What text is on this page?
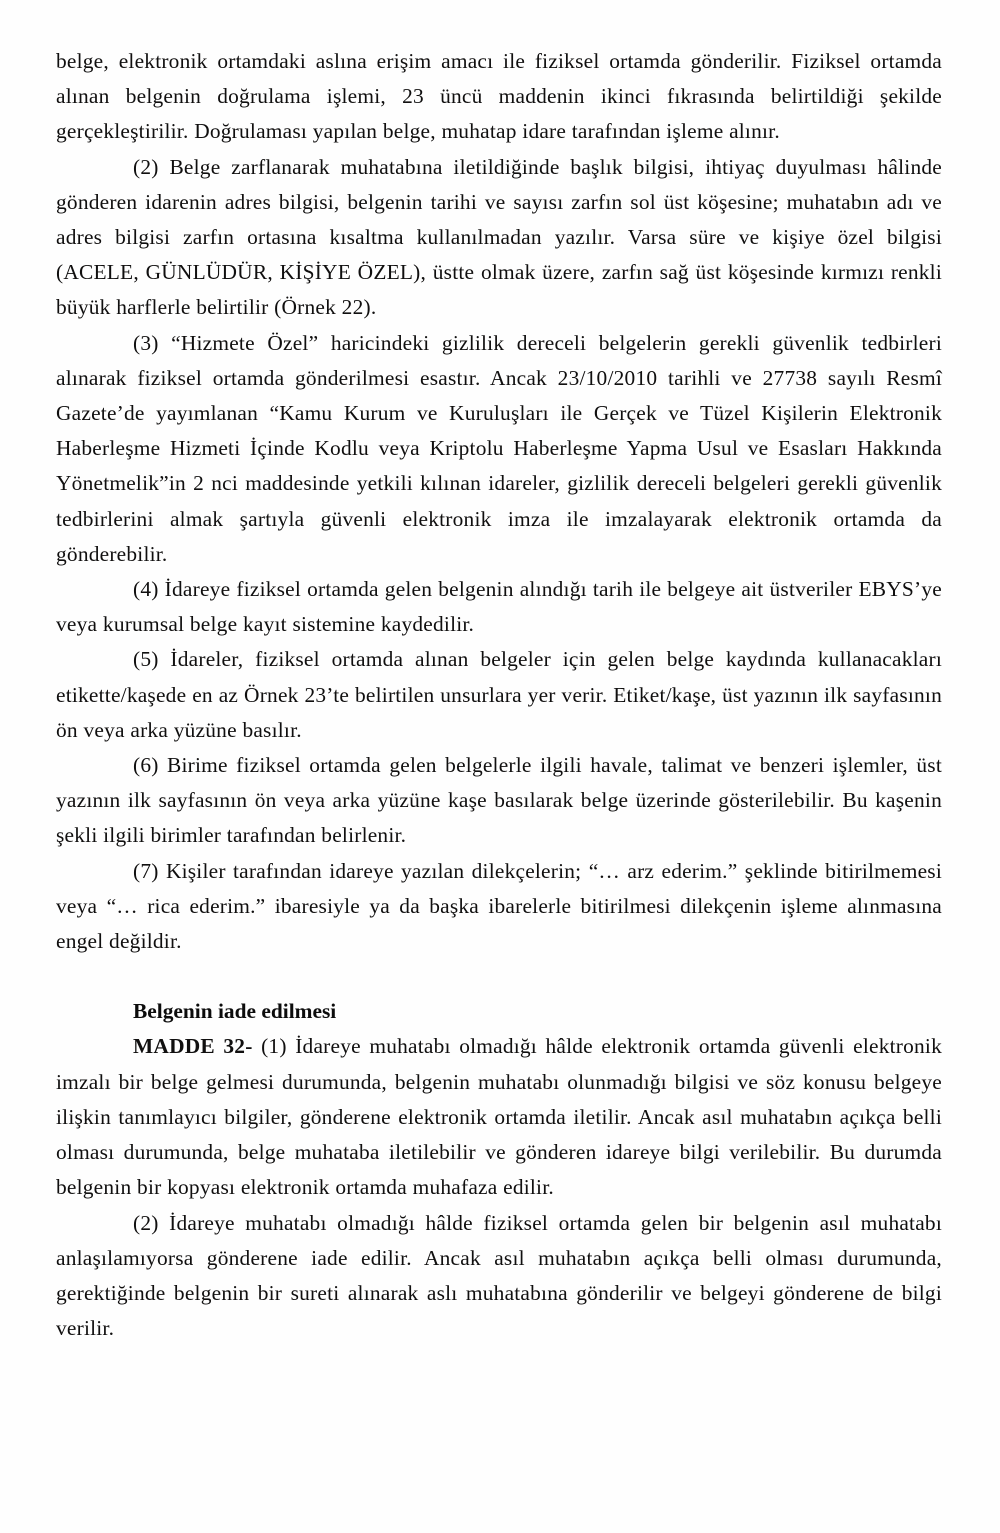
belge, elektronik ortamdaki aslına erişim amacı ile fiziksel ortamda gönderilir. Fiziksel ortamda alınan belgenin doğrulama işlemi, 23 üncü maddenin ikinci fıkrasında belirtildiği şekilde gerçekleştirilir. Doğrulaması yapılan belge, muhatap idare tarafından işleme alınır.

(2) Belge zarflanarak muhatabına iletildiğinde başlık bilgisi, ihtiyaç duyulması hâlinde gönderen idarenin adres bilgisi, belgenin tarihi ve sayısı zarfın sol üst köşesine; muhatabın adı ve adres bilgisi zarfın ortasına kısaltma kullanılmadan yazılır. Varsa süre ve kişiye özel bilgisi (ACELE, GÜNLÜDÜR, KİŞİYE ÖZEL), üstte olmak üzere, zarfın sağ üst köşesinde kırmızı renkli büyük harflerle belirtilir (Örnek 22).

(3) “Hizmete Özel” haricindeki gizlilik dereceli belgelerin gerekli güvenlik tedbirleri alınarak fiziksel ortamda gönderilmesi esastır. Ancak 23/10/2010 tarihli ve 27738 sayılı Resmî Gazete’de yayımlanan “Kamu Kurum ve Kuruluşları ile Gerçek ve Tüzel Kişilerin Elektronik Haberleşme Hizmeti İçinde Kodlu veya Kriptolu Haberleşme Yapma Usul ve Esasları Hakkında Yönetmelik”in 2 nci maddesinde yetkili kılınan idareler, gizlilik dereceli belgeleri gerekli güvenlik tedbirlerini almak şartıyla güvenli elektronik imza ile imzalayarak elektronik ortamda da gönderebilir.

(4) İdareye fiziksel ortamda gelen belgenin alındığı tarih ile belgeye ait üstveriler EBYS’ye veya kurumsal belge kayıt sistemine kaydedilir.

(5) İdareler, fiziksel ortamda alınan belgeler için gelen belge kaydında kullanacakları etikette/kaşede en az Örnek 23’te belirtilen unsurlara yer verir. Etiket/kaşe, üst yazının ilk sayfasının ön veya arka yüzüne basılır.

(6) Birime fiziksel ortamda gelen belgelerle ilgili havale, talimat ve benzeri işlemler, üst yazının ilk sayfasının ön veya arka yüzüne kaşe basılarak belge üzerinde gösterilebilir. Bu kaşenin şekli ilgili birimler tarafından belirlenir.

(7) Kişiler tarafından idareye yazılan dilekçelerin; “… arz ederim.” şeklinde bitirilmemesi veya “… rica ederim.” ibaresiyle ya da başka ibarelerle bitirilmesi dilekçenin işleme alınmasına engel değildir.

Belgenin iade edilmesi

MADDE 32- (1) İdareye muhatabı olmadığı hâlde elektronik ortamda güvenli elektronik imzalı bir belge gelmesi durumunda, belgenin muhatabı olunmadığı bilgisi ve söz konusu belgeye ilişkin tanımlayıcı bilgiler, gönderene elektronik ortamda iletilir. Ancak asıl muhatabın açıkça belli olması durumunda, belge muhataba iletilebilir ve gönderen idareye bilgi verilebilir. Bu durumda belgenin bir kopyası elektronik ortamda muhafaza edilir.

(2) İdareye muhatabı olmadığı hâlde fiziksel ortamda gelen bir belgenin asıl muhatabı anlaşılamıyorsa gönderene iade edilir. Ancak asıl muhatabın açıkça belli olması durumunda, gerektiğinde belgenin bir sureti alınarak aslı muhatabına gönderilir ve belgeyi gönderene de bilgi verilir.
